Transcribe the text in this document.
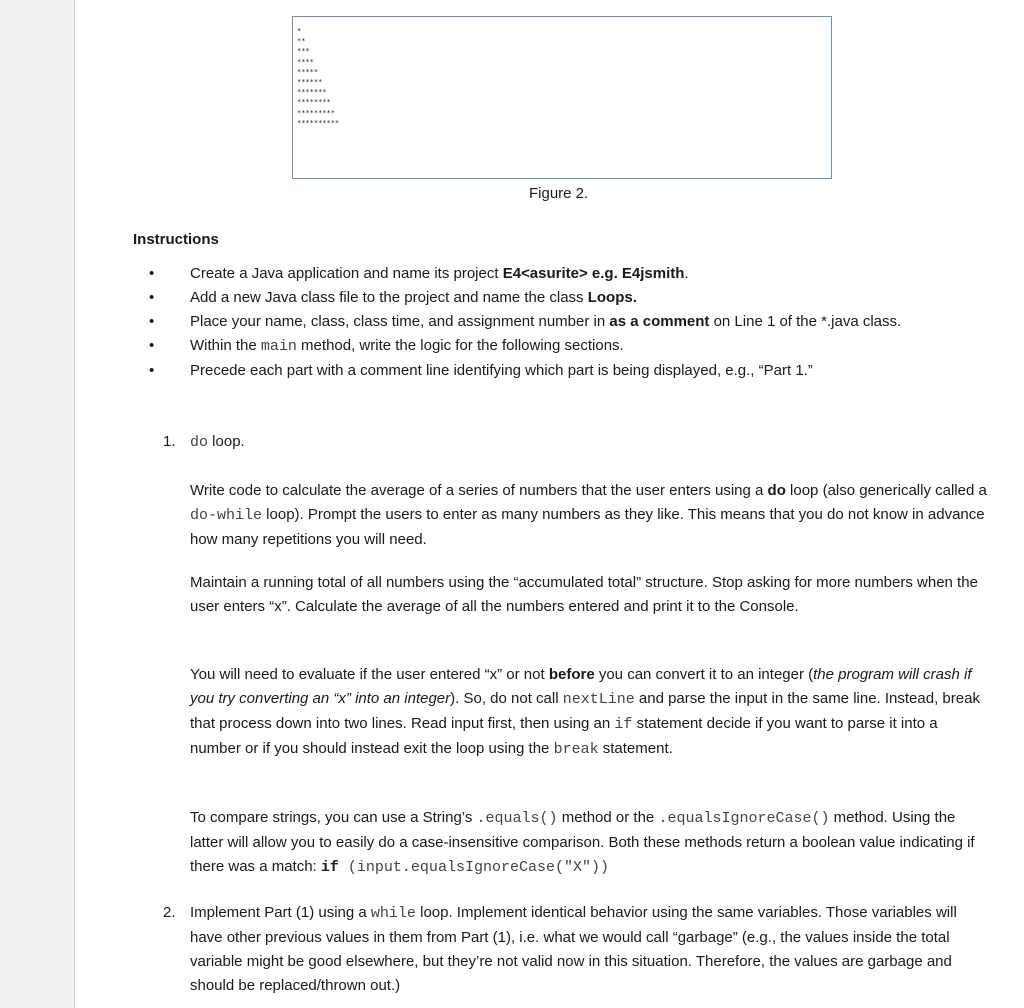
*
**
***
****
*****
******
*******
********
*********
**********
Figure 2.
Instructions
• Create a Java application and name its project E4<asurite> e.g. E4jsmith.
• Add a new Java class file to the project and name the class Loops.
• Place your name, class, class time, and assignment number in as a comment on Line 1 of the *.java class.
• Within the main method, write the logic for the following sections.
• Precede each part with a comment line identifying which part is being displayed, e.g., “Part 1.”
1. do loop.

Write code to calculate the average of a series of numbers that the user enters using a do loop (also generically called a do-while loop). Prompt the users to enter as many numbers as they like. This means that you do not know in advance how many repetitions you will need.

Maintain a running total of all numbers using the “accumulated total” structure. Stop asking for more numbers when the user enters “x”. Calculate the average of all the numbers entered and print it to the Console.

You will need to evaluate if the user entered “x” or not before you can convert it to an integer (the program will crash if you try converting an “x” into an integer). So, do not call nextLine and parse the input in the same line. Instead, break that process down into two lines. Read input first, then using an if statement decide if you want to parse it into a number or if you should instead exit the loop using the break statement.

To compare strings, you can use a String’s .equals() method or the .equalsIgnoreCase() method. Using the latter will allow you to easily do a case-insensitive comparison. Both these methods return a boolean value indicating if there was a match: if (input.equalsIgnoreCase("X"))

2. Implement Part (1) using a while loop. Implement identical behavior using the same variables. Those variables will have other previous values in them from Part (1), i.e. what we would call “garbage” (e.g., the values inside the total variable might be good elsewhere, but they’re not valid now in this situation. Therefore, the values are garbage and should be replaced/thrown out.)
